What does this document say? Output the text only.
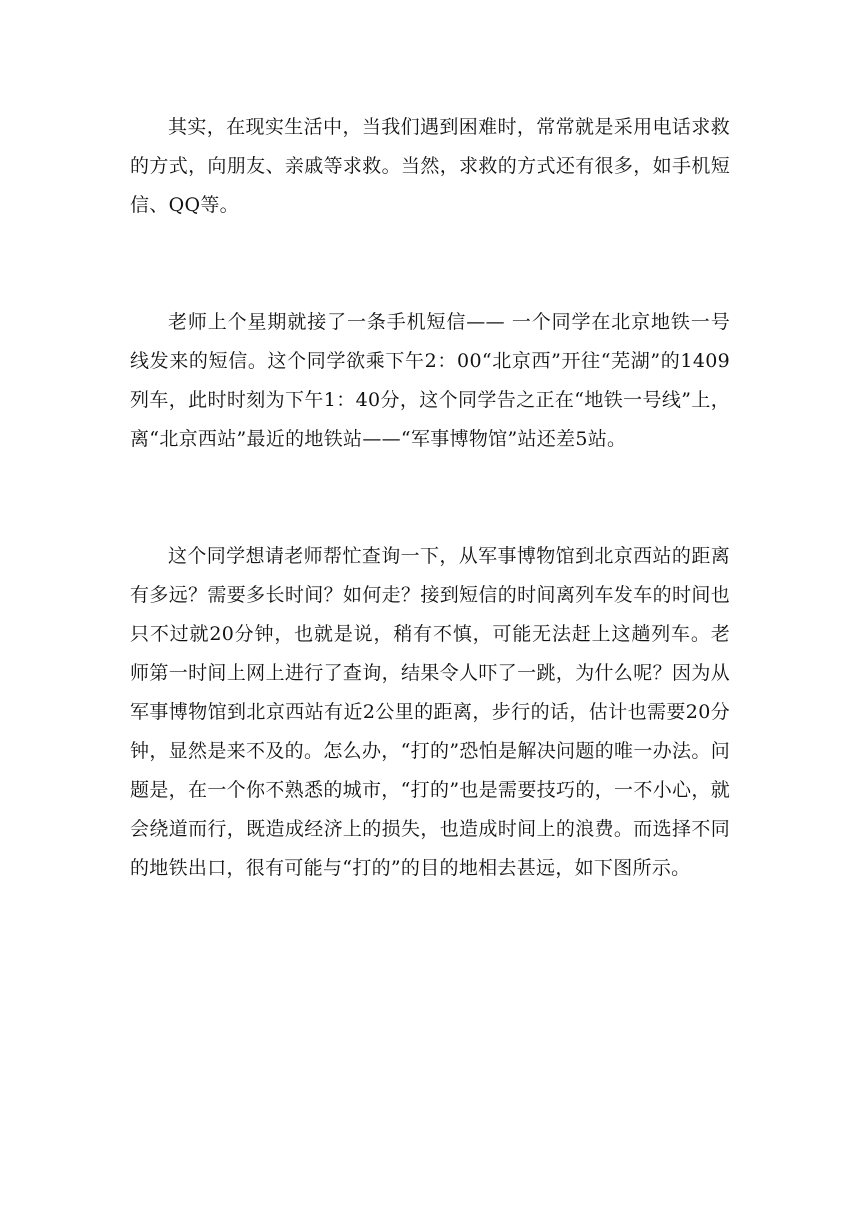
其实，在现实生活中，当我们遇到困难时，常常就是采用电话求救的方式，向朋友、亲戚等求救。当然，求救的方式还有很多，如手机短信、QQ等。

老师上个星期就接了一条手机短信—— 一个同学在北京地铁一号线发来的短信。这个同学欲乘下午2：00“北京西”开往“芜湖”的1409列车，此时时刻为下午1：40分，这个同学告之正在“地铁一号线”上，离“北京西站”最近的地铁站——“军事博物馆”站还差5站。

这个同学想请老师帮忙查询一下，从军事博物馆到北京西站的距离有多远？需要多长时间？如何走？接到短信的时间离列车发车的时间也只不过就20分钟，也就是说，稍有不慎，可能无法赶上这趟列车。老师第一时间上网上进行了查询，结果令人吓了一跳，为什么呢？因为从军事博物馆到北京西站有近2公里的距离，步行的话，估计也需要20分钟，显然是来不及的。怎么办，“打的”恐怕是解决问题的唯一办法。问题是，在一个你不熟悉的城市，“打的”也是需要技巧的，一不小心，就会绕道而行，既造成经济上的损失，也造成时间上的浪费。而选择不同的地铁出口，很有可能与“打的”的目的地相去甚远，如下图所示。
